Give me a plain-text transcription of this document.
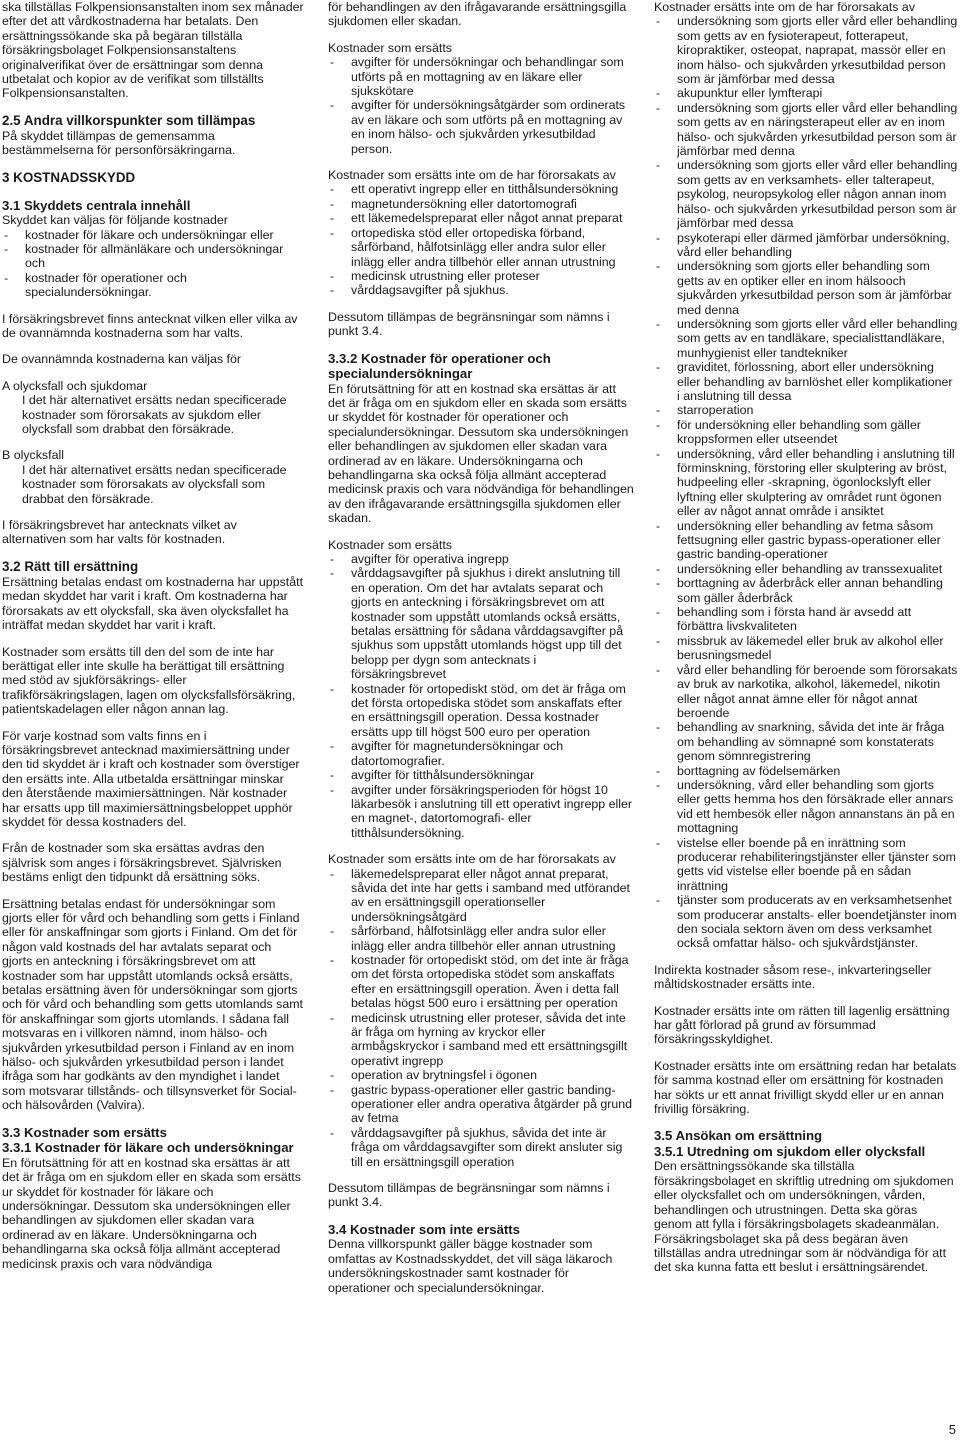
ska tillställas Folkpensionsanstalten inom sex månader efter det att vårdkostnaderna har betalats. Den ersättningssökande ska på begäran tillställa försäkringsbolaget Folkpensionsanstaltens originalverifikat över de ersättningar som denna utbetalat och kopior av de verifikat som tillställts Folkpensionsanstalten.

2.5 Andra villkorspunkter som tillämpas

På skyddet tillämpas de gemensamma bestämmelserna för personförsäkringarna.

3 KOSTNADSSKYDD
3.1 Skyddets centrala innehåll
Skyddet kan väljas för följande kostnader
- kostnader för läkare och undersökningar eller
- kostnader för allmänläkare och undersökningar och
- kostnader för operationer och specialundersökningar.

I försäkringsbrevet finns antecknat vilken eller vilka av de ovannämnda kostnaderna som har valts.

De ovannämnda kostnaderna kan väljas för

A olycksfall och sjukdomar
I det här alternativet ersätts nedan specificerade kostnader som förorsakats av sjukdom eller olycksfall som drabbat den försäkrade.
B olycksfall
I det här alternativet ersätts nedan specificerade kostnader som förorsakats av olycksfall som drabbat den försäkrade.

I försäkringsbrevet har antecknats vilket av alternativen som har valts för kostnaden.

3.2 Rätt till ersättning

Ersättning betalas endast om kostnaderna har uppstått medan skyddet har varit i kraft. Om kostnaderna har förorsakats av ett olycksfall, ska även olycksfallet ha inträffat medan skyddet har varit i kraft.

Kostnader som ersätts till den del som de inte har berättigat eller inte skulle ha berättigat till ersättning med stöd av sjukförsäkrings- eller trafikförsäkringslagen, lagen om olycksfallsförsäkring, patientskadelagen eller någon annan lag.

För varje kostnad som valts finns en i försäkringsbrevet antecknad maximiersättning under den tid skyddet är i kraft och kostnader som överstiger den ersätts inte. Alla utbetalda ersättningar minskar den återstående maximiersättningen. När kostnader har ersatts upp till maximiersättningsbeloppet upphör skyddet för dessa kostnaders del.

Från de kostnader som ska ersättas avdras den självrisk som anges i försäkringsbrevet. Självrisken bestäms enligt den tidpunkt då ersättning söks.

Ersättning betalas endast för undersökningar som gjorts eller för vård och behandling som getts i Finland eller för anskaffningar som gjorts i Finland. Om det för någon vald kostnads del har avtalats separat och gjorts en anteckning i försäkringsbrevet om att kostnader som har uppstått utomlands också ersätts, betalas ersättning även för undersökningar som gjorts och för vård och behandling som getts utomlands samt för anskaffningar som gjorts utomlands. I sådana fall motsvaras en i villkoren nämnd, inom hälso- och sjukvården yrkesutbildad person i Finland av en inom hälso- och sjukvården yrkesutbildad person i landet ifråga som har godkänts av den myndighet i landet som motsvarar tillstånds- och tillsynsverket för Social- och hälsovården (Valvira).

3.3 Kostnader som ersätts
3.3.1 Kostnader för läkare och undersökningar

En förutsättning för att en kostnad ska ersättas är att det är fråga om en sjukdom eller en skada som ersätts ur skyddet för kostnader för läkare och undersökningar. Dessutom ska undersökningen eller behandlingen av sjukdomen eller skadan vara ordinerad av en läkare. Undersökningarna och behandlingarna ska också följa allmänt accepterad medicinsk praxis och vara nödvändiga

för behandlingen av den ifrågavarande ersättningsgilla sjukdomen eller skadan.

Kostnader som ersätts
- avgifter för undersökningar och behandlingar som utförts på en mottagning av en läkare eller sjukskötare
- avgifter för undersökningsåtgärder som ordinerats av en läkare och som utförts på en mottagning av en inom hälso- och sjukvården yrkesutbildad person.
Kostnader som ersätts inte om de har förorsakats av
- ett operativt ingrepp eller en titthålsundersökning
- magnetundersökning eller datortomografi
- ett läkemedelspreparat eller något annat preparat
- ortopediska stöd eller ortopediska förband, sårförband, hålfotsinlägg eller andra sulor eller inlägg eller andra tillbehör eller annan utrustning
- medicinsk utrustning eller proteser
- vårddagsavgifter på sjukhus.

Dessutom tillämpas de begränsningar som nämns i punkt 3.4.

3.3.2 Kostnader för operationer och specialundersökningar

En förutsättning för att en kostnad ska ersättas är att det är fråga om en sjukdom eller en skada som ersätts ur skyddet för kostnader för operationer och specialundersökningar. Dessutom ska undersökningen eller behandlingen av sjukdomen eller skadan vara ordinerad av en läkare. Undersökningarna och behandlingarna ska också följa allmänt accepterad medicinsk praxis och vara nödvändiga för behandlingen av den ifrågavarande ersättningsgilla sjukdomen eller skadan.

Kostnader som ersätts
- avgifter för operativa ingrepp
- vårddagsavgifter på sjukhus i direkt anslutning till en operation. Om det har avtalats separat och gjorts en anteckning i försäkringsbrevet om att kostnader som uppstått utomlands också ersätts, betalas ersättning för sådana vårddagsavgifter på sjukhus som uppstått utomlands högst upp till det belopp per dygn som antecknats i försäkringsbrevet
- kostnader för ortopediskt stöd, om det är fråga om det första ortopediska stödet som anskaffats efter en ersättningsgill operation. Dessa kostnader ersätts upp till högst 500 euro per operation
- avgifter för magnetundersökningar och datortomografier.
- avgifter för titthålsundersökningar
- avgifter under försäkringsperioden för högst 10 läkarbesök i anslutning till ett operativt ingrepp eller en magnet-, datortomografi- eller titthålsundersökning.
Kostnader som ersätts inte om de har förorsakats av
- läkemedelspreparat eller något annat preparat, såvida det inte har getts i samband med utförandet av en ersättningsgill operationseller undersökningsåtgärd
- sårförband, hålfotsinlägg eller andra sulor eller inlägg eller andra tillbehör eller annan utrustning
- kostnader för ortopediskt stöd, om det inte är fråga om det första ortopediska stödet som anskaffats efter en ersättningsgill operation. Även i detta fall betalas högst 500 euro i ersättning per operation
- medicinsk utrustning eller proteser, såvida det inte är fråga om hyrning av kryckor eller armbågskryckor i samband med ett ersättningsgillt operativt ingrepp
- operation av brytningsfel i ögonen
- gastric bypass-operationer eller gastric banding-operationer eller andra operativa åtgärder på grund av fetma
- vårddagsavgifter på sjukhus, såvida det inte är fråga om vårddagsavgifter som direkt ansluter sig till en ersättningsgill operation

Dessutom tillämpas de begränsningar som nämns i punkt 3.4.

3.4 Kostnader som inte ersätts

Denna villkorspunkt gäller bägge kostnader som omfattas av Kostnadsskyddet, det vill säga läkaroch undersökningskostnader samt kostnader för operationer och specialundersökningar.

Kostnader ersätts inte om de har förorsakats av
- undersökning som gjorts eller vård eller behandling som getts av en fysioterapeut, fotterapeut, kiropraktiker, osteopat, naprapat, massör eller en inom hälso- och sjukvården yrkesutbildad person som är jämförbar med dessa
- akupunktur eller lymfterapi
- undersökning som gjorts eller vård eller behandling som getts av en näringsterapeut eller av en inom hälso- och sjukvården yrkesutbildad person som är jämförbar med denna
- undersökning som gjorts eller vård eller behandling som getts av en verksamhets- eller talterapeut, psykolog, neuropsykolog eller någon annan inom hälso- och sjukvården yrkesutbildad person som är jämförbar med dessa
- psykoterapi eller därmed jämförbar undersökning, vård eller behandling
- undersökning som gjorts eller behandling som getts av en optiker eller en inom hälsooch sjukvården yrkesutbildad person som är jämförbar med denna
- undersökning som gjorts eller vård eller behandling som getts av en tandläkare, specialisttandläkare, munhygienist eller tandtekniker
- graviditet, förlossning, abort eller undersökning eller behandling av barnlöshet eller komplikationer i anslutning till dessa
- starroperation
- för undersökning eller behandling som gäller kroppsformen eller utseendet
- undersökning, vård eller behandling i anslutning till förminskning, förstoring eller skulptering av bröst, hudpeeling eller -skrapning, ögonlockslyft eller lyftning eller skulptering av området runt ögonen eller av något annat område i ansiktet
- undersökning eller behandling av fetma såsom fettsugning eller gastric bypass-operationer eller gastric banding-operationer
- undersökning eller behandling av transsexualitet
- borttagning av åderbråck eller annan behandling som gäller åderbråck
- behandling som i första hand är avsedd att förbättra livskvaliteten
- missbruk av läkemedel eller bruk av alkohol eller berusningsmedel
- vård eller behandling för beroende som förorsakats av bruk av narkotika, alkohol, läkemedel, nikotin eller något annat ämne eller för något annat beroende
- behandling av snarkning, såvida det inte är fråga om behandling av sömnapné som konstaterats genom sömnregistrering
- borttagning av födelsemärken
- undersökning, vård eller behandling som gjorts eller getts hemma hos den försäkrade eller annars vid ett hembesök eller någon annanstans än på en mottagning
- vistelse eller boende på en inrättning som producerar rehabiliteringstjänster eller tjänster som getts vid vistelse eller boende på en sådan inrättning
- tjänster som producerats av en verksamhetsenhet som producerar anstalts- eller boendetjänster inom den sociala sektorn även om dess verksamhet också omfattar hälso- och sjukvårdstjänster.

Indirekta kostnader såsom rese-, inkvarteringseller måltidskostnader ersätts inte.

Kostnader ersätts inte om rätten till lagenlig ersättning har gått förlorad på grund av försummad försäkringsskyldighet.

Kostnader ersätts inte om ersättning redan har betalats för samma kostnad eller om ersättning för kostnaden har sökts ur ett annat frivilligt skydd eller ur en annan frivillig försäkring.

3.5 Ansökan om ersättning
3.5.1 Utredning om sjukdom eller olycksfall

Den ersättningssökande ska tillställa försäkringsbolaget en skriftlig utredning om sjukdomen eller olycksfallet och om undersökningen, vården, behandlingen och utrustningen. Detta ska göras genom att fylla i försäkringsbolagets skadeanmälan. Försäkringsbolaget ska på dess begäran även tillställas andra utredningar som är nödvändiga för att det ska kunna fatta ett beslut i ersättningsärendet.

5
